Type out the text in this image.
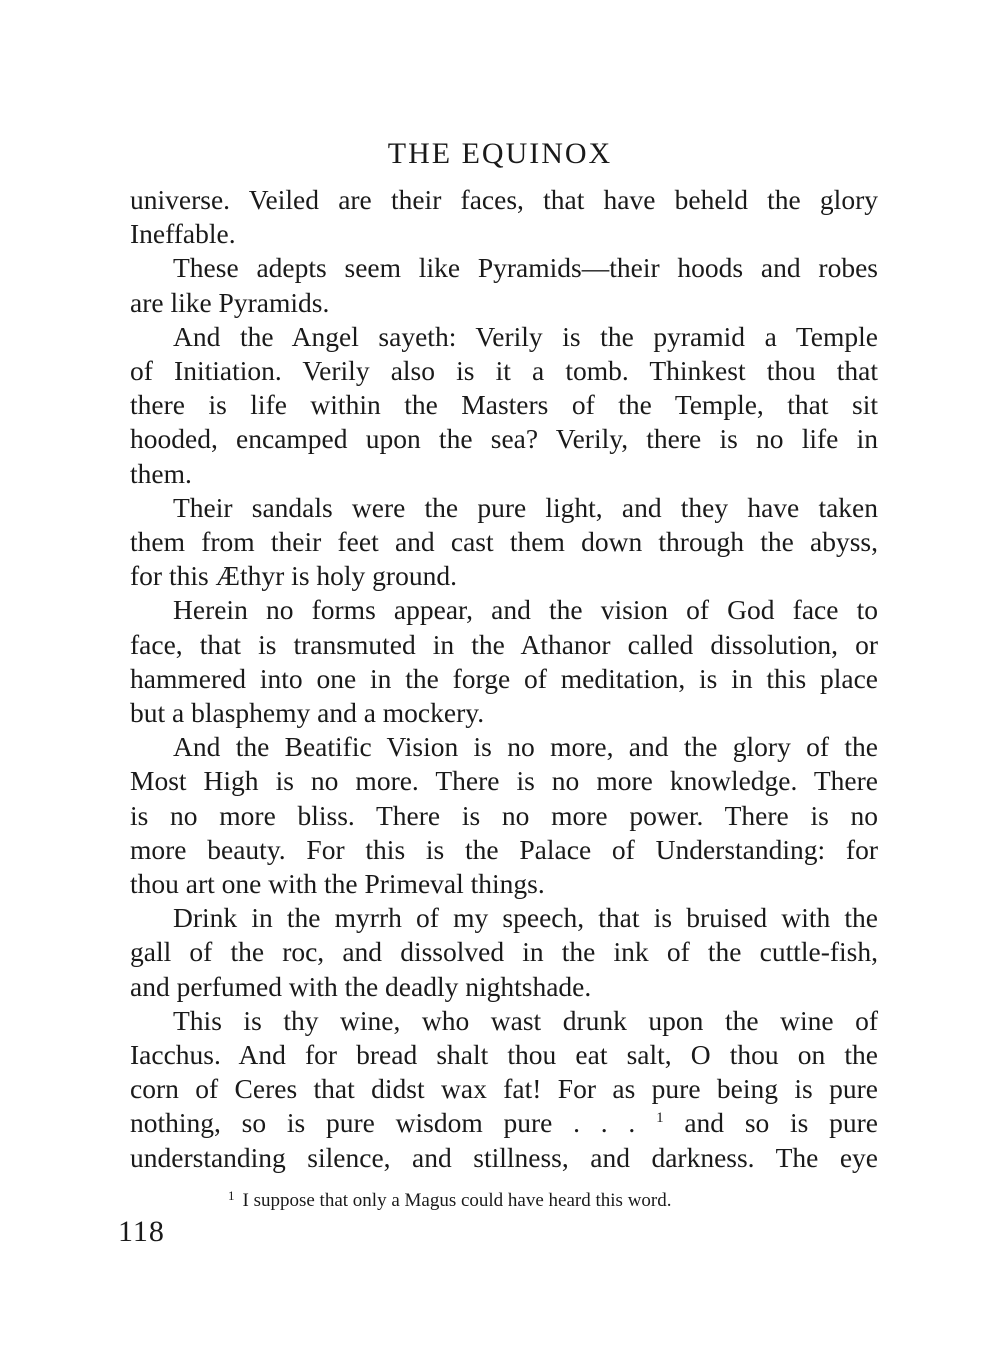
THE EQUINOX
universe. Veiled are their faces, that have beheld the glory
Ineffable.
These adepts seem like Pyramids—their hoods and robes
are like Pyramids.
And the Angel sayeth: Verily is the pyramid a Temple
of Initiation. Verily also is it a tomb. Thinkest thou that
there is life within the Masters of the Temple, that sit
hooded, encamped upon the sea? Verily, there is no life in
them.
Their sandals were the pure light, and they have taken
them from their feet and cast them down through the abyss,
for this Æthyr is holy ground.
Herein no forms appear, and the vision of God face to
face, that is transmuted in the Athanor called dissolution, or
hammered into one in the forge of meditation, is in this place
but a blasphemy and a mockery.
And the Beatific Vision is no more, and the glory of the
Most High is no more. There is no more knowledge. There
is no more bliss. There is no more power. There is no
more beauty. For this is the Palace of Understanding: for
thou art one with the Primeval things.
Drink in the myrrh of my speech, that is bruised with the
gall of the roc, and dissolved in the ink of the cuttle-fish,
and perfumed with the deadly nightshade.
This is thy wine, who wast drunk upon the wine of
Iacchus. And for bread shalt thou eat salt, O thou on the
corn of Ceres that didst wax fat! For as pure being is pure
nothing, so is pure wisdom pure . . . $^1$ and so is pure
understanding silence, and stillness, and darkness. The eye
$^1$ I suppose that only a Magus could have heard this word.
118
